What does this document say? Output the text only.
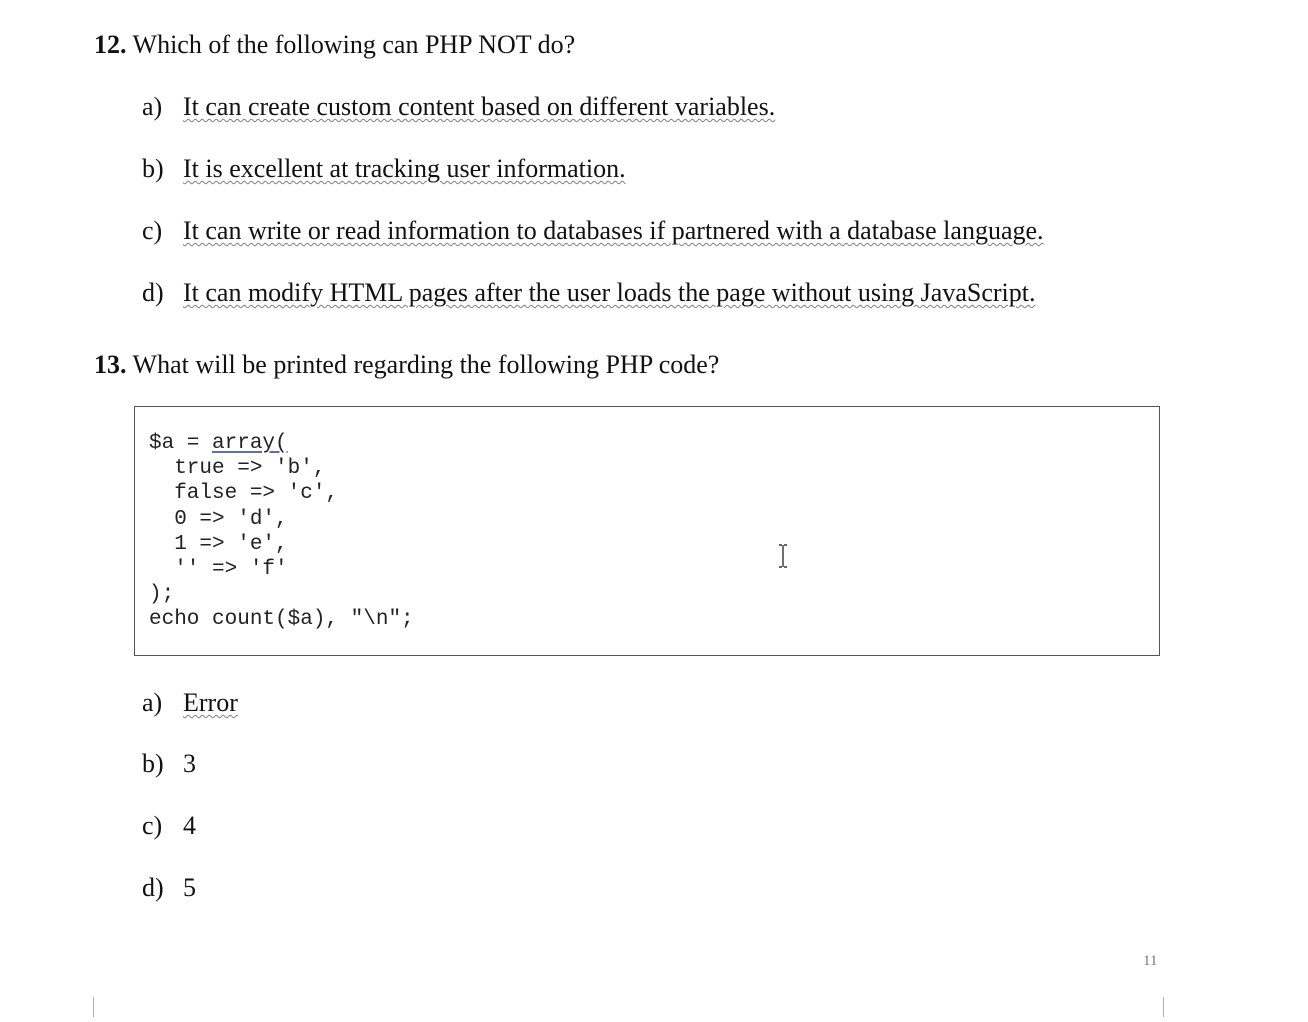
12. Which of the following can PHP NOT do?
a) It can create custom content based on different variables.
b) It is excellent at tracking user information.
c) It can write or read information to databases if partnered with a database language.
d) It can modify HTML pages after the user loads the page without using JavaScript.
13. What will be printed regarding the following PHP code?
$a = array(
true => 'b',
false => 'c',
0 => 'd',
1 => 'e',
'' => 'f'
);
echo count($a), "\n";
a) Error
b) 3
c) 4
d) 5
11
